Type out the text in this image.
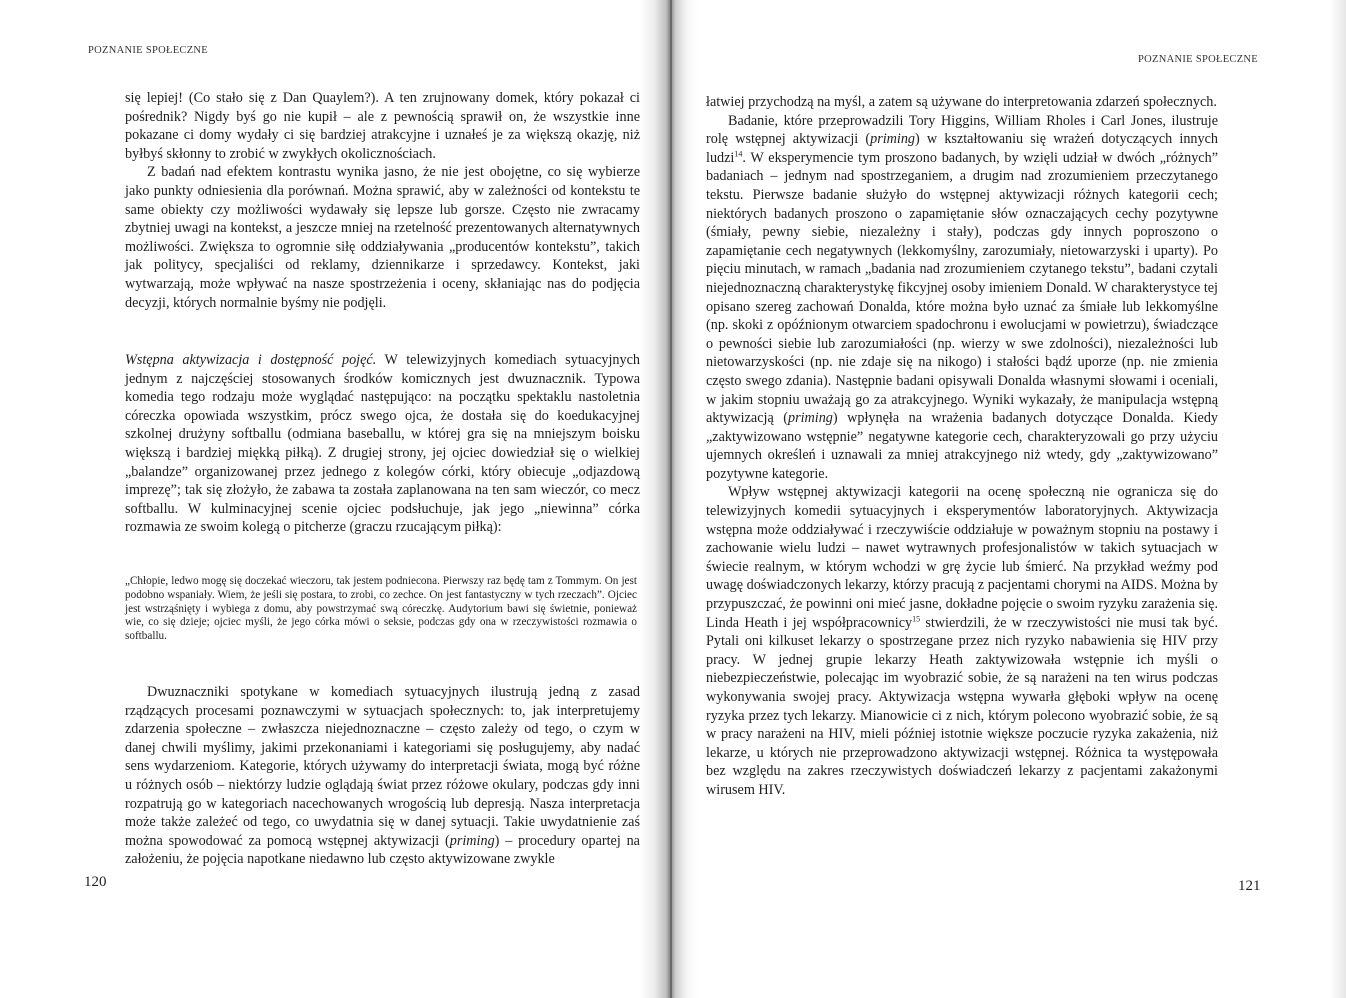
POZNANIE SPOŁECZNE

się lepiej! (Co stało się z Dan Quaylem?). A ten zrujnowany domek, który pokazał ci pośrednik? Nigdy byś go nie kupił – ale z pewnością sprawił on, że wszystkie inne pokazane ci domy wydały ci się bardziej atrakcyjne i uznałeś je za większą okazję, niż byłbyś skłonny to zrobić w zwykłych okolicznościach.

Z badań nad efektem kontrastu wynika jasno, że nie jest obojętne, co się wybierze jako punkty odniesienia dla porównań. Można sprawić, aby w zależności od kontekstu te same obiekty czy możliwości wydawały się lepsze lub gorsze. Często nie zwracamy zbytniej uwagi na kontekst, a jeszcze mniej na rzetelność prezentowanych alternatywnych możliwości. Zwiększa to ogromnie siłę oddziaływania „producentów kontekstu”, takich jak politycy, specjaliści od reklamy, dziennikarze i sprzedawcy. Kontekst, jaki wytwarzają, może wpływać na nasze spostrzeżenia i oceny, skłaniając nas do podjęcia decyzji, których normalnie byśmy nie podjęli.

Wstępna aktywizacja i dostępność pojęć. W telewizyjnych komediach sytuacyjnych jednym z najczęściej stosowanych środków komicznych jest dwuznacznik. Typowa komedia tego rodzaju może wyglądać następująco: na początku spektaklu nastoletnia córeczka opowiada wszystkim, prócz swego ojca, że dostała się do koedukacyjnej szkolnej drużyny softballu (odmiana baseballu, w której gra się na mniejszym boisku większą i bardziej miękką piłką). Z drugiej strony, jej ojciec dowiedział się o wielkiej „balandze” organizowanej przez jednego z kolegów córki, który obiecuje „odjazdową imprezę”; tak się złożyło, że zabawa ta została zaplanowana na ten sam wieczór, co mecz softballu. W kulminacyjnej scenie ojciec podsłuchuje, jak jego „niewinna” córka rozmawia ze swoim kolegą o pitcherze (graczu rzucającym piłką):

„Chłopie, ledwo mogę się doczekać wieczoru, tak jestem podniecona. Pierwszy raz będę tam z Tommym. On jest podobno wspaniały. Wiem, że jeśli się postara, to zrobi, co zechce. On jest fantastyczny w tych rzeczach”. Ojciec jest wstrząśnięty i wybiega z domu, aby powstrzymać swą córeczkę. Audytorium bawi się świetnie, ponieważ wie, co się dzieje; ojciec myśli, że jego córka mówi o seksie, podczas gdy ona w rzeczywistości rozmawia o softballu.

Dwuznaczniki spotykane w komediach sytuacyjnych ilustrują jedną z zasad rządzących procesami poznawczymi w sytuacjach społecznych: to, jak interpretujemy zdarzenia społeczne – zwłaszcza niejednoznaczne – często zależy od tego, o czym w danej chwili myślimy, jakimi przekonaniami i kategoriami się posługujemy, aby nadać sens wydarzeniom. Kategorie, których używamy do interpretacji świata, mogą być różne u różnych osób – niektórzy ludzie oglądają świat przez różowe okulary, podczas gdy inni rozpatrują go w kategoriach nacechowanych wrogością lub depresją. Nasza interpretacja może także zależeć od tego, co uwydatnia się w danej sytuacji. Takie uwydatnienie zaś można spowodować za pomocą wstępnej aktywizacji (priming) – procedury opartej na założeniu, że pojęcia napotkane niedawno lub często aktywizowane zwykle

120
POZNANIE SPOŁECZNE

łatwiej przychodzą na myśl, a zatem są używane do interpretowania zdarzeń społecznych.

Badanie, które przeprowadzili Tory Higgins, William Rholes i Carl Jones, ilustruje rolę wstępnej aktywizacji (priming) w kształtowaniu się wrażeń dotyczących innych ludzi$^{14}$. W eksperymencie tym proszono badanych, by wzięli udział w dwóch „różnych” badaniach – jednym nad spostrzeganiem, a drugim nad zrozumieniem przeczytanego tekstu. Pierwsze badanie służyło do wstępnej aktywizacji różnych kategorii cech; niektórych badanych proszono o zapamiętanie słów oznaczających cechy pozytywne (śmiały, pewny siebie, niezależny i stały), podczas gdy innych poproszono o zapamiętanie cech negatywnych (lekkomyślny, zarozumiały, nietowarzyski i uparty). Po pięciu minutach, w ramach „badania nad zrozumieniem czytanego tekstu”, badani czytali niejednoznaczną charakterystykę fikcyjnej osoby imieniem Donald. W charakterystyce tej opisano szereg zachowań Donalda, które można było uznać za śmiałe lub lekkomyślne (np. skoki z opóźnionym otwarciem spadochronu i ewolucjami w powietrzu), świadczące o pewności siebie lub zarozumiałości (np. wierzy w swe zdolności), niezależności lub nietowarzyskości (np. nie zdaje się na nikogo) i stałości bądź uporze (np. nie zmienia często swego zdania). Następnie badani opisywali Donalda własnymi słowami i oceniali, w jakim stopniu uważają go za atrakcyjnego. Wyniki wykazały, że manipulacja wstępną aktywizacją (priming) wpłynęła na wrażenia badanych dotyczące Donalda. Kiedy „zaktywizowano wstępnie” negatywne kategorie cech, charakteryzowali go przy użyciu ujemnych określeń i uznawali za mniej atrakcyjnego niż wtedy, gdy „zaktywizowano” pozytywne kategorie.

Wpływ wstępnej aktywizacji kategorii na ocenę społeczną nie ogranicza się do telewizyjnych komedii sytuacyjnych i eksperymentów laboratoryjnych. Aktywizacja wstępna może oddziaływać i rzeczywiście oddziałuje w poważnym stopniu na postawy i zachowanie wielu ludzi – nawet wytrawnych profesjonalistów w takich sytuacjach w świecie realnym, w którym wchodzi w grę życie lub śmierć. Na przykład weźmy pod uwagę doświadczonych lekarzy, którzy pracują z pacjentami chorymi na AIDS. Można by przypuszczać, że powinni oni mieć jasne, dokładne pojęcie o swoim ryzyku zarażenia się. Linda Heath i jej współpracownicy$^{15}$ stwierdzili, że w rzeczywistości nie musi tak być. Pytali oni kilkuset lekarzy o spostrzegane przez nich ryzyko nabawienia się HIV przy pracy. W jednej grupie lekarzy Heath zaktywizowała wstępnie ich myśli o niebezpieczeństwie, polecając im wyobrazić sobie, że są narażeni na ten wirus podczas wykonywania swojej pracy. Aktywizacja wstępna wywarła głęboki wpływ na ocenę ryzyka przez tych lekarzy. Mianowicie ci z nich, którym polecono wyobrazić sobie, że są w pracy narażeni na HIV, mieli później istotnie większe poczucie ryzyka zakażenia, niż lekarze, u których nie przeprowadzono aktywizacji wstępnej. Różnica ta występowała bez względu na zakres rzeczywistych doświadczeń lekarzy z pacjentami zakażonymi wirusem HIV.

121
